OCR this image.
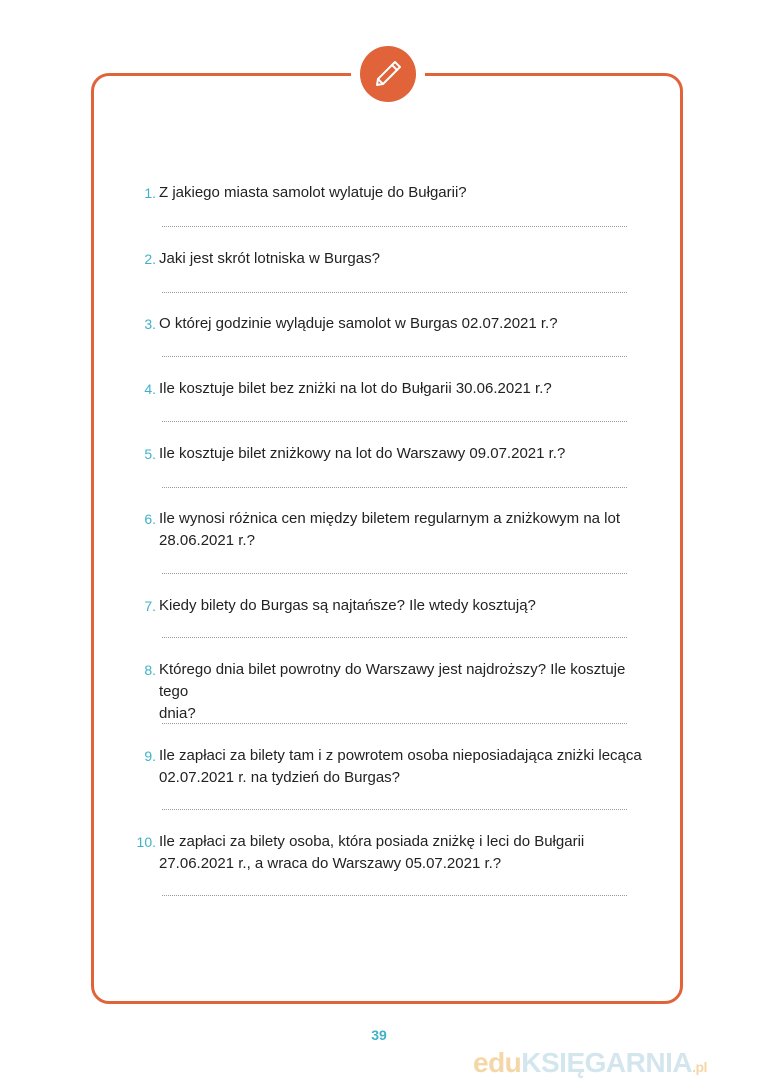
1. Z jakiego miasta samolot wylatuje do Bułgarii?
2. Jaki jest skrót lotniska w Burgas?
3. O której godzinie wyląduje samolot w Burgas 02.07.2021 r.?
4. Ile kosztuje bilet bez zniżki na lot do Bułgarii 30.06.2021 r.?
5. Ile kosztuje bilet zniżkowy na lot do Warszawy 09.07.2021 r.?
6. Ile wynosi różnica cen między biletem regularnym a zniżkowym na lot
28.06.2021 r.?
7. Kiedy bilety do Burgas są najtańsze? Ile wtedy kosztują?
8. Którego dnia bilet powrotny do Warszawy jest najdroższy? Ile kosztuje tego
dnia?
9. Ile zapłaci za bilety tam i z powrotem osoba nieposiadająca zniżki lecąca
02.07.2021 r. na tydzień do Burgas?
10. Ile zapłaci za bilety osoba, która posiada zniżkę i leci do Bułgarii
27.06.2021 r., a wraca do Warszawy 05.07.2021 r.?
39
eduKSIĘGARNIA.pl
